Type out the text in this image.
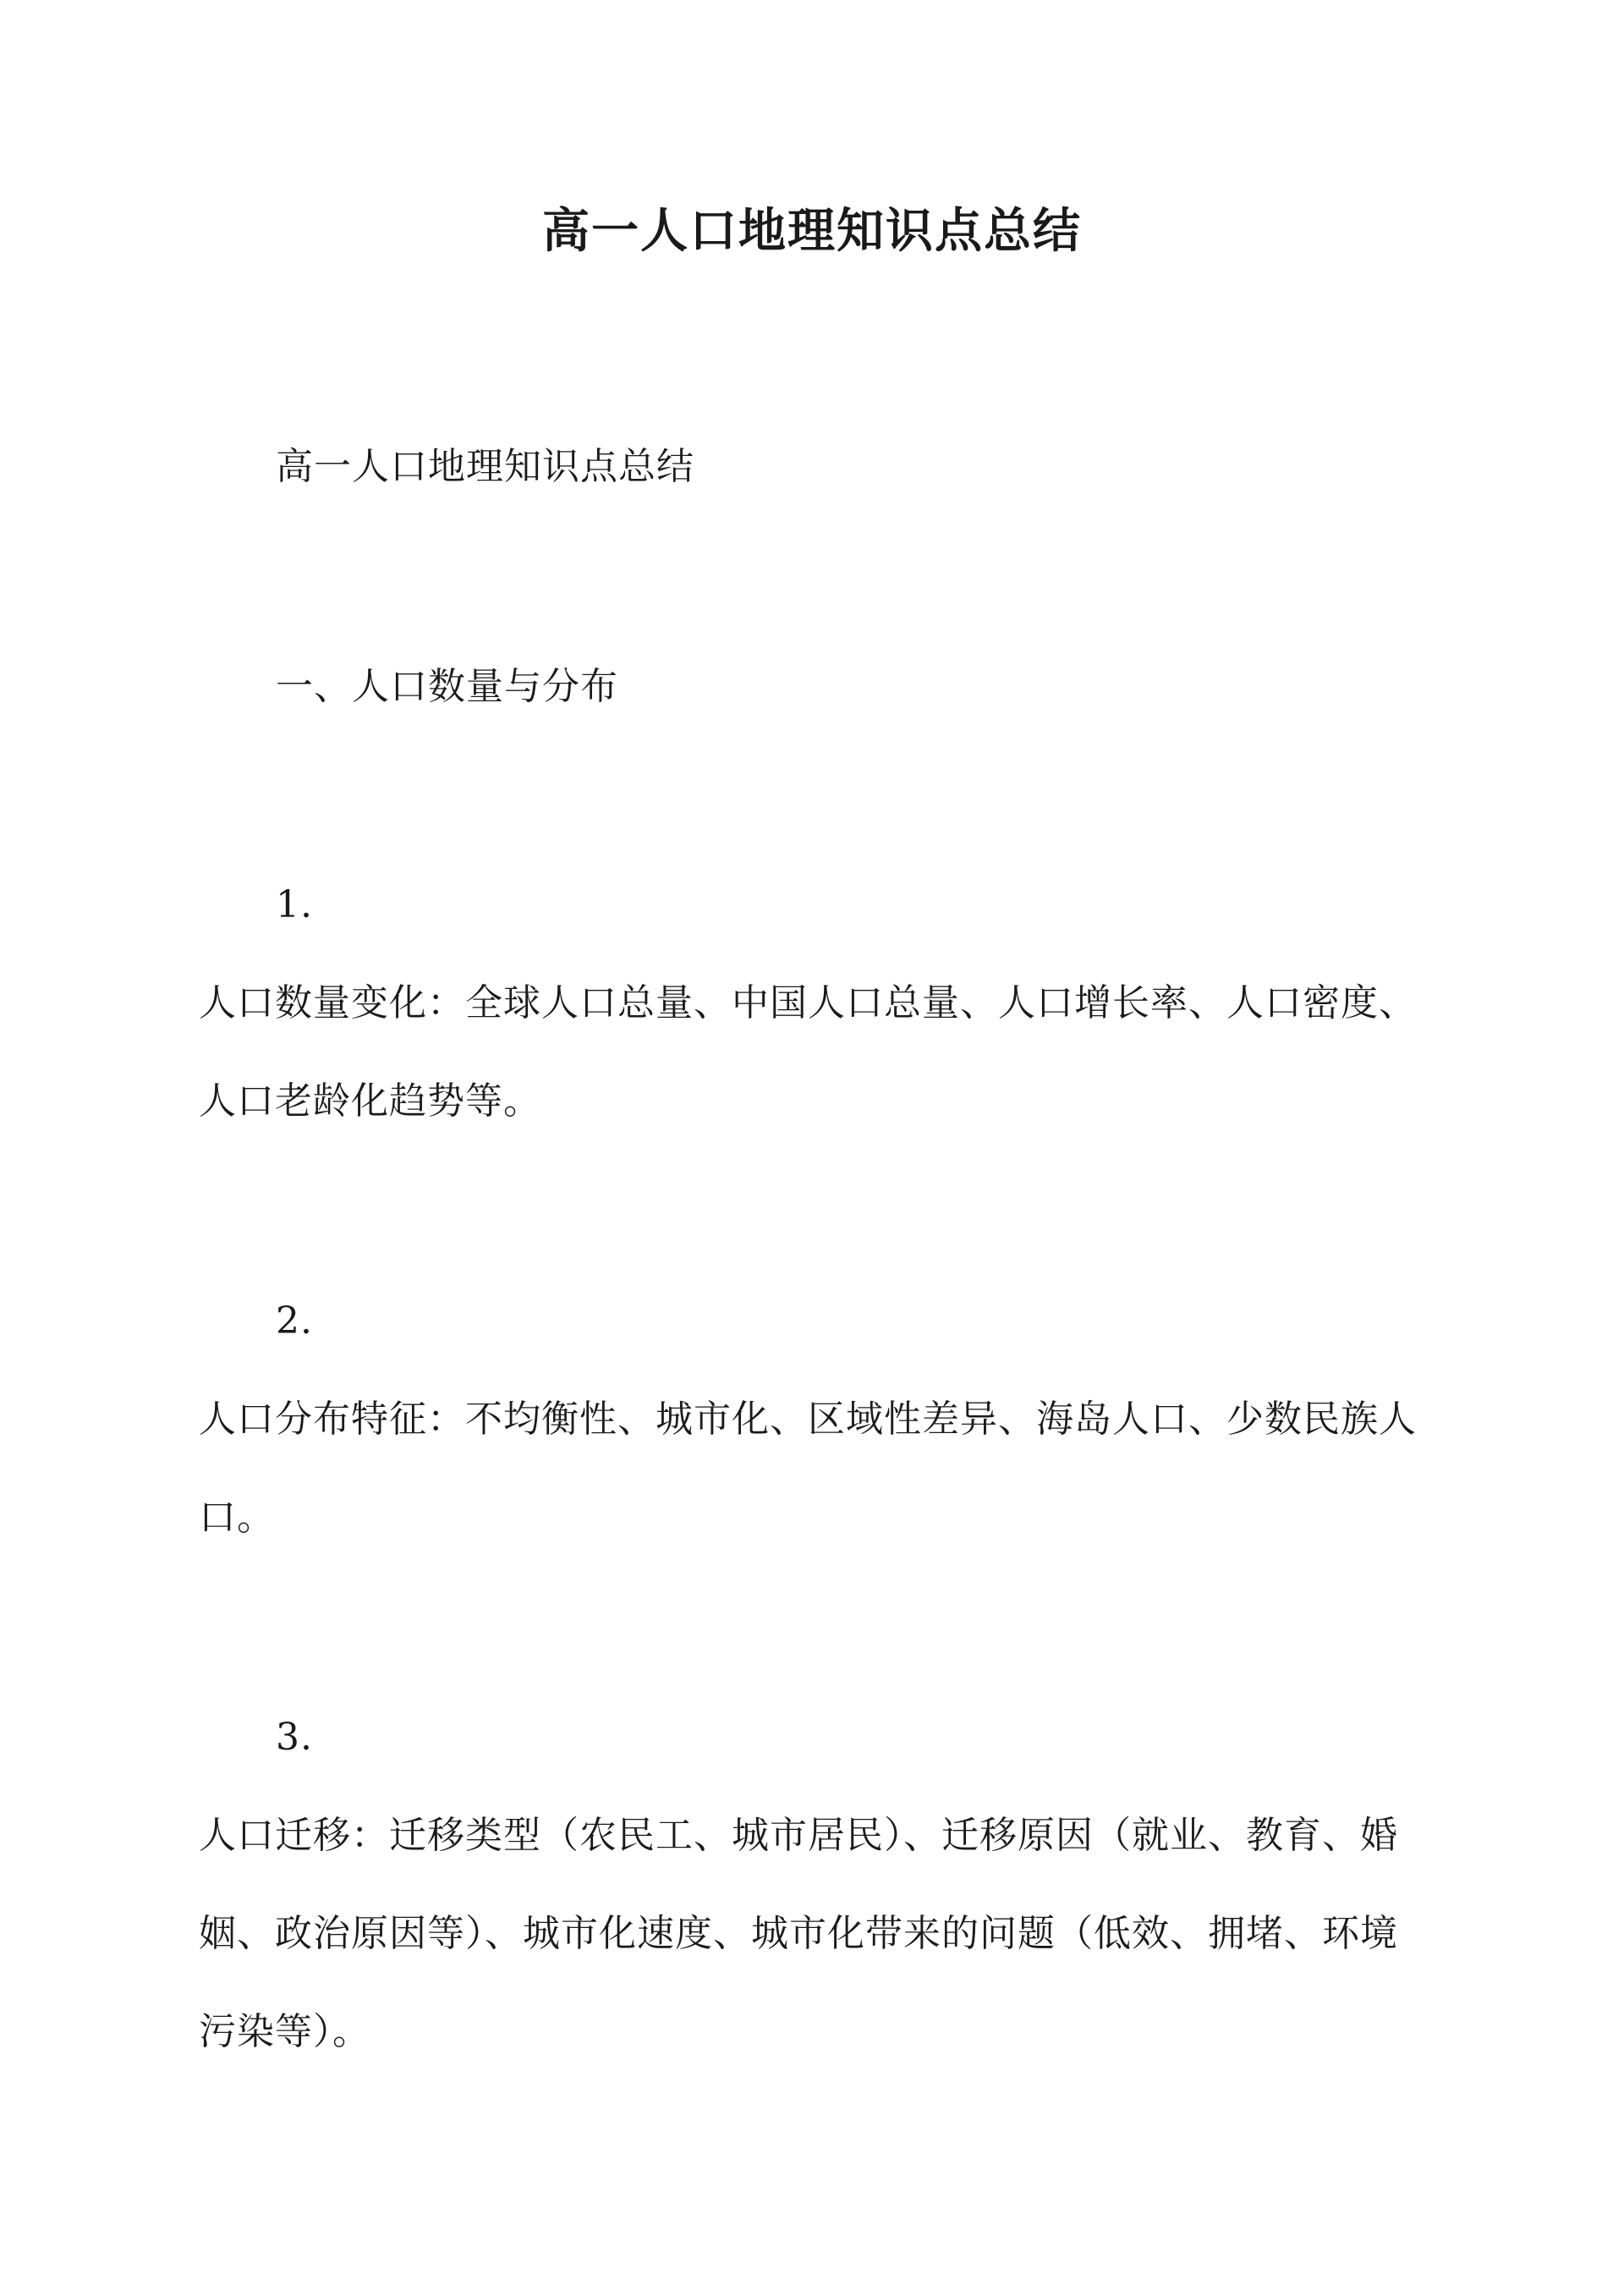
高一人口地理知识点总结
高一人口地理知识点总结
一、人口数量与分布
1.
人口数量变化：全球人口总量、中国人口总量、人口增长率、人口密度、
人口老龄化趋势等。
2.
人口分布特征：不均衡性、城市化、区域性差异、海岛人口、少数民族人
口。
3.
人口迁移：迁移类型（农民工、城市居民）、迁移原因（就业、教育、婚
姻、政治原因等）、城市化速度、城市化带来的问题（低效、拥堵、环境
污染等）。
